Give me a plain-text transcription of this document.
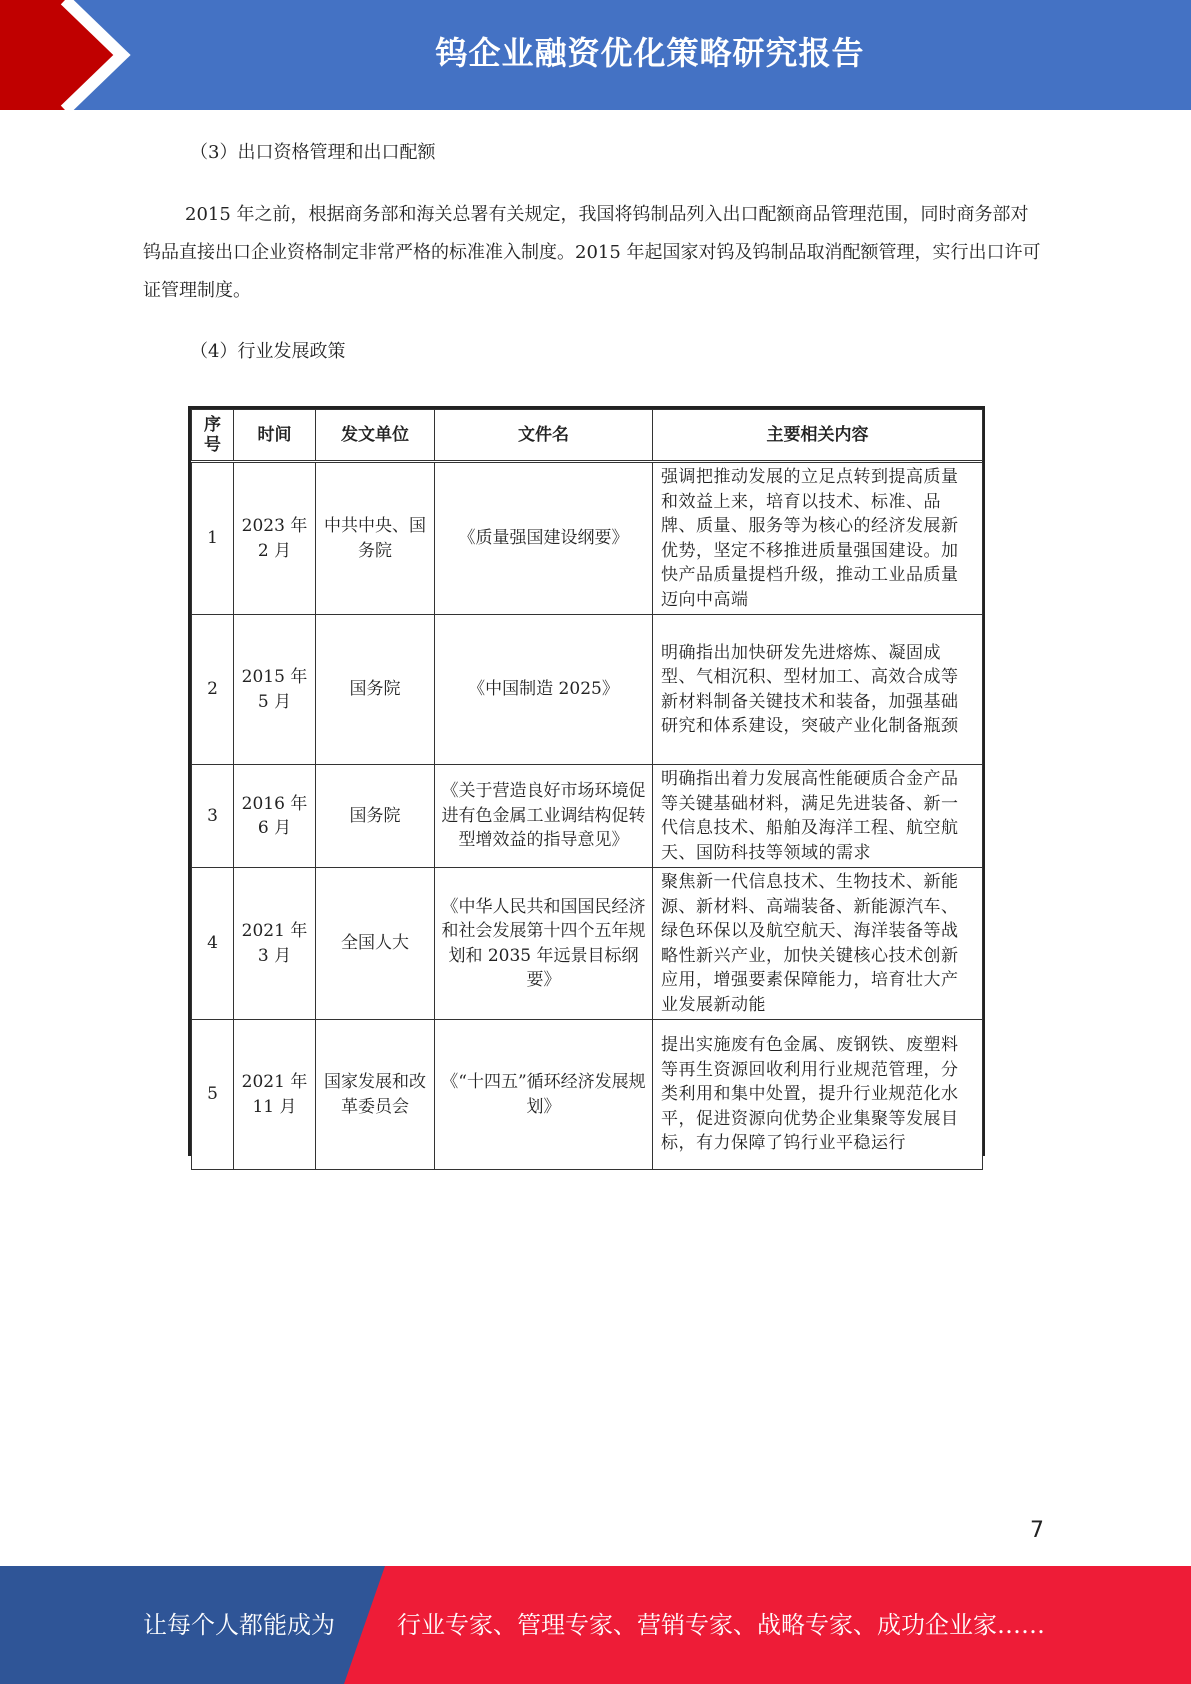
钨企业融资优化策略研究报告
（3）出口资格管理和出口配额
2015 年之前，根据商务部和海关总署有关规定，我国将钨制品列入出口配额商品管理范围，同时商务部对钨品直接出口企业资格制定非常严格的标准准入制度。2015 年起国家对钨及钨制品取消配额管理，实行出口许可证管理制度。
（4）行业发展政策
序号	时间	发文单位	文件名	主要相关内容
1	2023 年 2 月	中共中央、国务院	《质量强国建设纲要》	强调把推动发展的立足点转到提高质量和效益上来，培育以技术、标准、品牌、质量、服务等为核心的经济发展新优势，坚定不移推进质量强国建设。加快产品质量提档升级，推动工业品质量迈向中高端
2	2015 年 5 月	国务院	《中国制造 2025》	明确指出加快研发先进熔炼、凝固成型、气相沉积、型材加工、高效合成等新材料制备关键技术和装备，加强基础研究和体系建设，突破产业化制备瓶颈
3	2016 年 6 月	国务院	《关于营造良好市场环境促进有色金属工业调结构促转型增效益的指导意见》	明确指出着力发展高性能硬质合金产品等关键基础材料，满足先进装备、新一代信息技术、船舶及海洋工程、航空航天、国防科技等领域的需求
4	2021 年 3 月	全国人大	《中华人民共和国国民经济和社会发展第十四个五年规划和 2035 年远景目标纲要》	聚焦新一代信息技术、生物技术、新能源、新材料、高端装备、新能源汽车、绿色环保以及航空航天、海洋装备等战略性新兴产业，加快关键核心技术创新应用，增强要素保障能力，培育壮大产业发展新动能
5	2021 年 11 月	国家发展和改革委员会	《“十四五”循环经济发展规划》	提出实施废有色金属、废钢铁、废塑料等再生资源回收利用行业规范管理，分类利用和集中处置，提升行业规范化水平，促进资源向优势企业集聚等发展目标，有力保障了钨行业平稳运行
7
让每个人都能成为	行业专家、管理专家、营销专家、战略专家、成功企业家……
